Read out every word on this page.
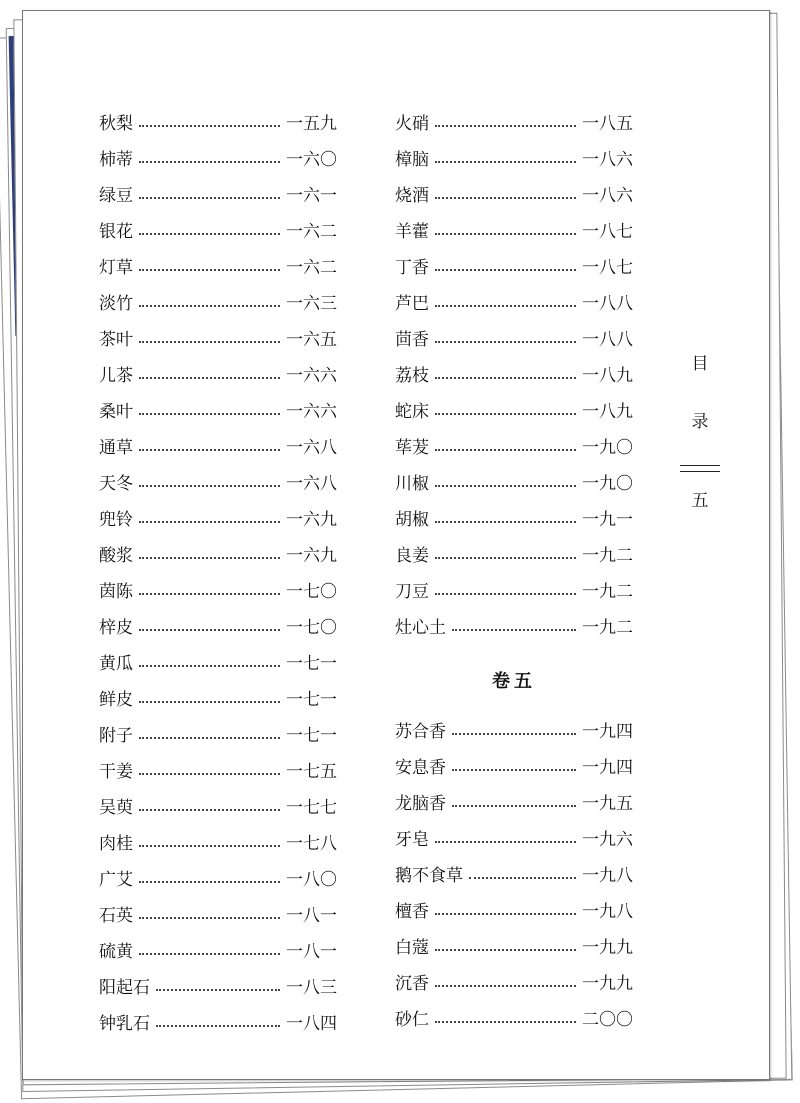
秋梨	一五九
柿蒂	一六〇
绿豆	一六一
银花	一六二
灯草	一六二
淡竹	一六三
茶叶	一六五
儿茶	一六六
桑叶	一六六
通草	一六八
天冬	一六八
兜铃	一六九
酸浆	一六九
茵陈	一七〇
梓皮	一七〇
黄瓜	一七一
鲜皮	一七一
附子	一七一
干姜	一七五
吴萸	一七七
肉桂	一七八
广艾	一八〇
石英	一八一
硫黄	一八一
阳起石	一八三
钟乳石	一八四
火硝	一八五
樟脑	一八六
烧酒	一八六
羊藿	一八七
丁香	一八七
芦巴	一八八
茴香	一八八
荔枝	一八九
蛇床	一八九
荜茇	一九〇
川椒	一九〇
胡椒	一九一
良姜	一九二
刀豆	一九二
灶心土	一九二
卷五
苏合香	一九四
安息香	一九四
龙脑香	一九五
牙皂	一九六
鹅不食草	一九八
檀香	一九八
白蔻	一九九
沉香	一九九
砂仁	二〇〇
目
录
五
